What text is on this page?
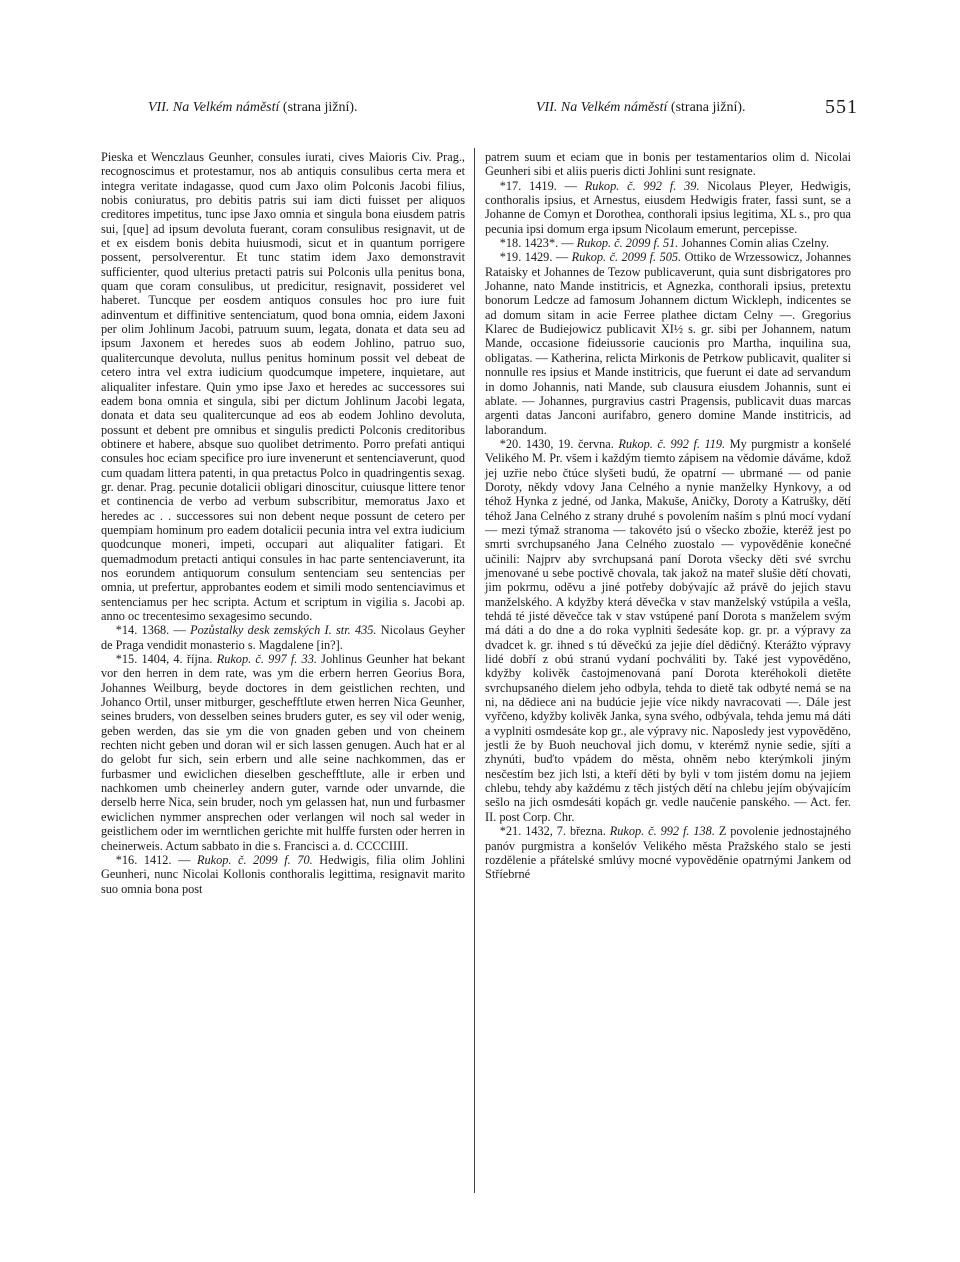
VII. Na Velkém náměstí (strana jižní).	VII. Na Velkém náměstí (strana jižní).	551

Pieska et Wenczlaus Geunher, consules iurati, cives Maioris Civ. Prag., recognoscimus et protestamur, nos ab antiquis consulibus certa mera et integra veritate indagasse, quod cum Jaxo olim Polconis Jacobi filius, nobis coniuratus, pro debitis patris sui iam dicti fuisset per aliquos creditores impetitus, tunc ipse Jaxo omnia et singula bona eiusdem patris sui, [que] ad ipsum devoluta fuerant, coram consulibus resignavit, ut de et ex eisdem bonis debita huiusmodi, sicut et in quantum porrigere possent, persolverentur. Et tunc statim idem Jaxo demonstravit sufficienter, quod ulterius pretacti patris sui Polconis ulla penitus bona, quam que coram consulibus, ut predicitur, resignavit, possideret vel haberet. Tuncque per eosdem antiquos consules hoc pro iure fuit adinventum et diffinitive sentenciatum, quod bona omnia, eidem Jaxoni per olim Johlinum Jacobi, patruum suum, legata, donata et data seu ad ipsum Jaxonem et heredes suos ab eodem Johlino, patruo suo, qualitercunque devoluta, nullus penitus hominum possit vel debeat de cetero intra vel extra iudicium quodcumque impetere, inquietare, aut aliqualiter infestare. Quin ymo ipse Jaxo et heredes ac successores sui eadem bona omnia et singula, sibi per dictum Johlinum Jacobi legata, donata et data seu qualitercunque ad eos ab eodem Johlino devoluta, possunt et debent pre omnibus et singulis predicti Polconis creditoribus obtinere et habere, absque suo quolibet detrimento. Porro prefati antiqui consules hoc eciam specifice pro iure invenerunt et sentenciaverunt, quod cum quadam littera patenti, in qua pretactus Polco in quadringentis sexag. gr. denar. Prag. pecunie dotalicii obligari dinoscitur, cuiusque littere tenor et continencia de verbo ad verbum subscribitur, memoratus Jaxo et heredes ac . . successores sui non debent neque possunt de cetero per quempiam hominum pro eadem dotalicii pecunia intra vel extra iudicium quodcunque moneri, impeti, occupari aut aliqualiter fatigari. Et quemadmodum pretacti antiqui consules in hac parte sentenciaverunt, ita nos eorundem antiquorum consulum sentenciam seu sentencias per omnia, ut prefertur, approbantes eodem et simili modo sentenciavimus et sentenciamus per hec scripta. Actum et scriptum in vigilia s. Jacobi ap. anno oc trecentesimo sexagesimo secundo.

*14. 1368. — Pozůstalky desk zemských I. str. 435. Nicolaus Geyher de Praga vendidit monasterio s. Magdalene [in?].

*15. 1404, 4. října. Rukop. č. 997 f. 33. Johlinus Geunher hat bekant vor den herren in dem rate, was ym die erbern herren Georius Bora, Johannes Weilburg, beyde doctores in dem geistlichen rechten, und Johanco Ortil, unser mitburger, geschefftlute etwen herren Nica Geunher, seines bruders, von desselben seines bruders guter, es sey vil oder wenig, geben werden, das sie ym die von gnaden geben und von cheinem rechten nicht geben und doran wil er sich lassen genugen. Auch hat er al do gelobt fur sich, sein erbern und alle seine nachkommen, das er furbasmer und ewiclichen dieselben geschefftlute, alle ir erben und nachkomen umb cheinerley andern guter, varnde oder unvarnde, die derselb herre Nica, sein bruder, noch ym gelassen hat, nun und furbasmer ewiclichen nymmer ansprechen oder verlangen wil noch sal weder in geistlichem oder im werntlichen gerichte mit hulffe fursten oder herren in cheinerweis. Actum sabbato in die s. Francisci a. d. CCCCIIII.

*16. 1412. — Rukop. č. 2099 f. 70. Hedwigis, filia olim Johlini Geunheri, nunc Nicolai Kollonis conthoralis legittima, resignavit marito suo omnia bona post

patrem suum et eciam que in bonis per testamentarios olim d. Nicolai Geunheri sibi et aliis pueris dicti Johlini sunt resignate.

*17. 1419. — Rukop. č. 992 f. 39. Nicolaus Pleyer, Hedwigis, conthoralis ipsius, et Arnestus, eiusdem Hedwigis frater, fassi sunt, se a Johanne de Comyn et Dorothea, conthorali ipsius legitima, XL s., pro qua pecunia ipsi domum erga ipsum Nicolaum emerunt, percepisse.

*18. 1423*. — Rukop. č. 2099 f. 51. Johannes Comin alias Czelny.

*19. 1429. — Rukop. č. 2099 f. 505. Ottiko de Wrzessowicz, Johannes Rataisky et Johannes de Tezow publicaverunt, quia sunt disbrigatores pro Johanne, nato Mande institricis, et Agnezka, conthorali ipsius, pretextu bonorum Ledcze ad famosum Johannem dictum Wickleph, indicentes se ad domum sitam in acie Ferree plathee dictam Celny —. Gregorius Klarec de Budiejowicz publicavit XI½ s. gr. sibi per Johannem, natum Mande, occasione fideiussorie caucionis pro Martha, inquilina sua, obligatas. — Katherina, relicta Mirkonis de Petrkow publicavit, qualiter si nonnulle res ipsius et Mande institricis, que fuerunt ei date ad servandum in domo Johannis, nati Mande, sub clausura eiusdem Johannis, sunt ei ablate. — Johannes, purgravius castri Pragensis, publicavit duas marcas argenti datas Janconi aurifabro, genero domine Mande institricis, ad laborandum.

*20. 1430, 19. června. Rukop. č. 992 f. 119. My purgmistr a konšelé Velikého M. Pr. všem i každým tiemto zápisem na vědomie dáváme, kdož jej uzřie nebo čtúce slyšeti budú, že opatrní — ubrmané — od panie Doroty, někdy vdovy Jana Celného a nynie manželky Hynkovy, a od téhož Hynka z jedné, od Janka, Makuše, Aničky, Doroty a Katrušky, dětí téhož Jana Celného z strany druhé s povolením naším s plnú mocí vydaní — mezi týmaž stranoma — takovéto jsú o všecko zbožie, kteréž jest po smrti svrchupsaného Jana Celného zuostalo — vypověděnie konečné učinili: Najprv aby svrchupsaná paní Dorota všecky děti své svrchu jmenované u sebe poctivě chovala, tak jakož na mateř slušie dětí chovati, jim pokrmu, oděvu a jiné potřeby dobývajíc až právě do jejich stavu manželského. A kdyžby která děvečka v stav manželský vstúpila a vešla, tehdá té jisté děvečce tak v stav vstúpené paní Dorota s manželem svým má dáti a do dne a do roka vyplniti šedesáte kop. gr. pr. a výpravy za dvadcet k. gr. ihned s tú děvečkú za jejie díel dědičný. Kterážto výpravy lidé dobří z obú stranú vydaní pochváliti by. Také jest vypověděno, kdyžby kolivěk častojmenovaná paní Dorota kteréhokoli dietěte svrchupsaného dielem jeho odbyla, tehda to dietě tak odbyté nemá se na ni, na dědiece ani na budúcie jejie více nikdy navracovati —. Dále jest vyřčeno, kdyžby kolivěk Janka, syna svého, odbývala, tehda jemu má dáti a vyplniti osmdesáte kop gr., ale výpravy nic. Naposledy jest vypověděno, jestli že by Buoh neuchoval jich domu, v kterémž nynie sedie, sjíti a zhynúti, buďto vpádem do města, ohněm nebo kterýmkoli jiným nesčestím bez jich lsti, a kteří děti by byli v tom jistém domu na jejiem chlebu, tehdy aby každému z těch jistých dětí na chlebu jejím obývajícím sešlo na jich osmdesáti kopách gr. vedle naučenie panského. — Act. fer. II. post Corp. Chr.

*21. 1432, 7. března. Rukop. č. 992 f. 138. Z povolenie jednostajného panóv purgmistra a konšelóv Velikého města Pražského stalo se jesti rozdělenie a přátelské smlúvy mocné vypověděnie opatrnými Jankem od Stříebrné
